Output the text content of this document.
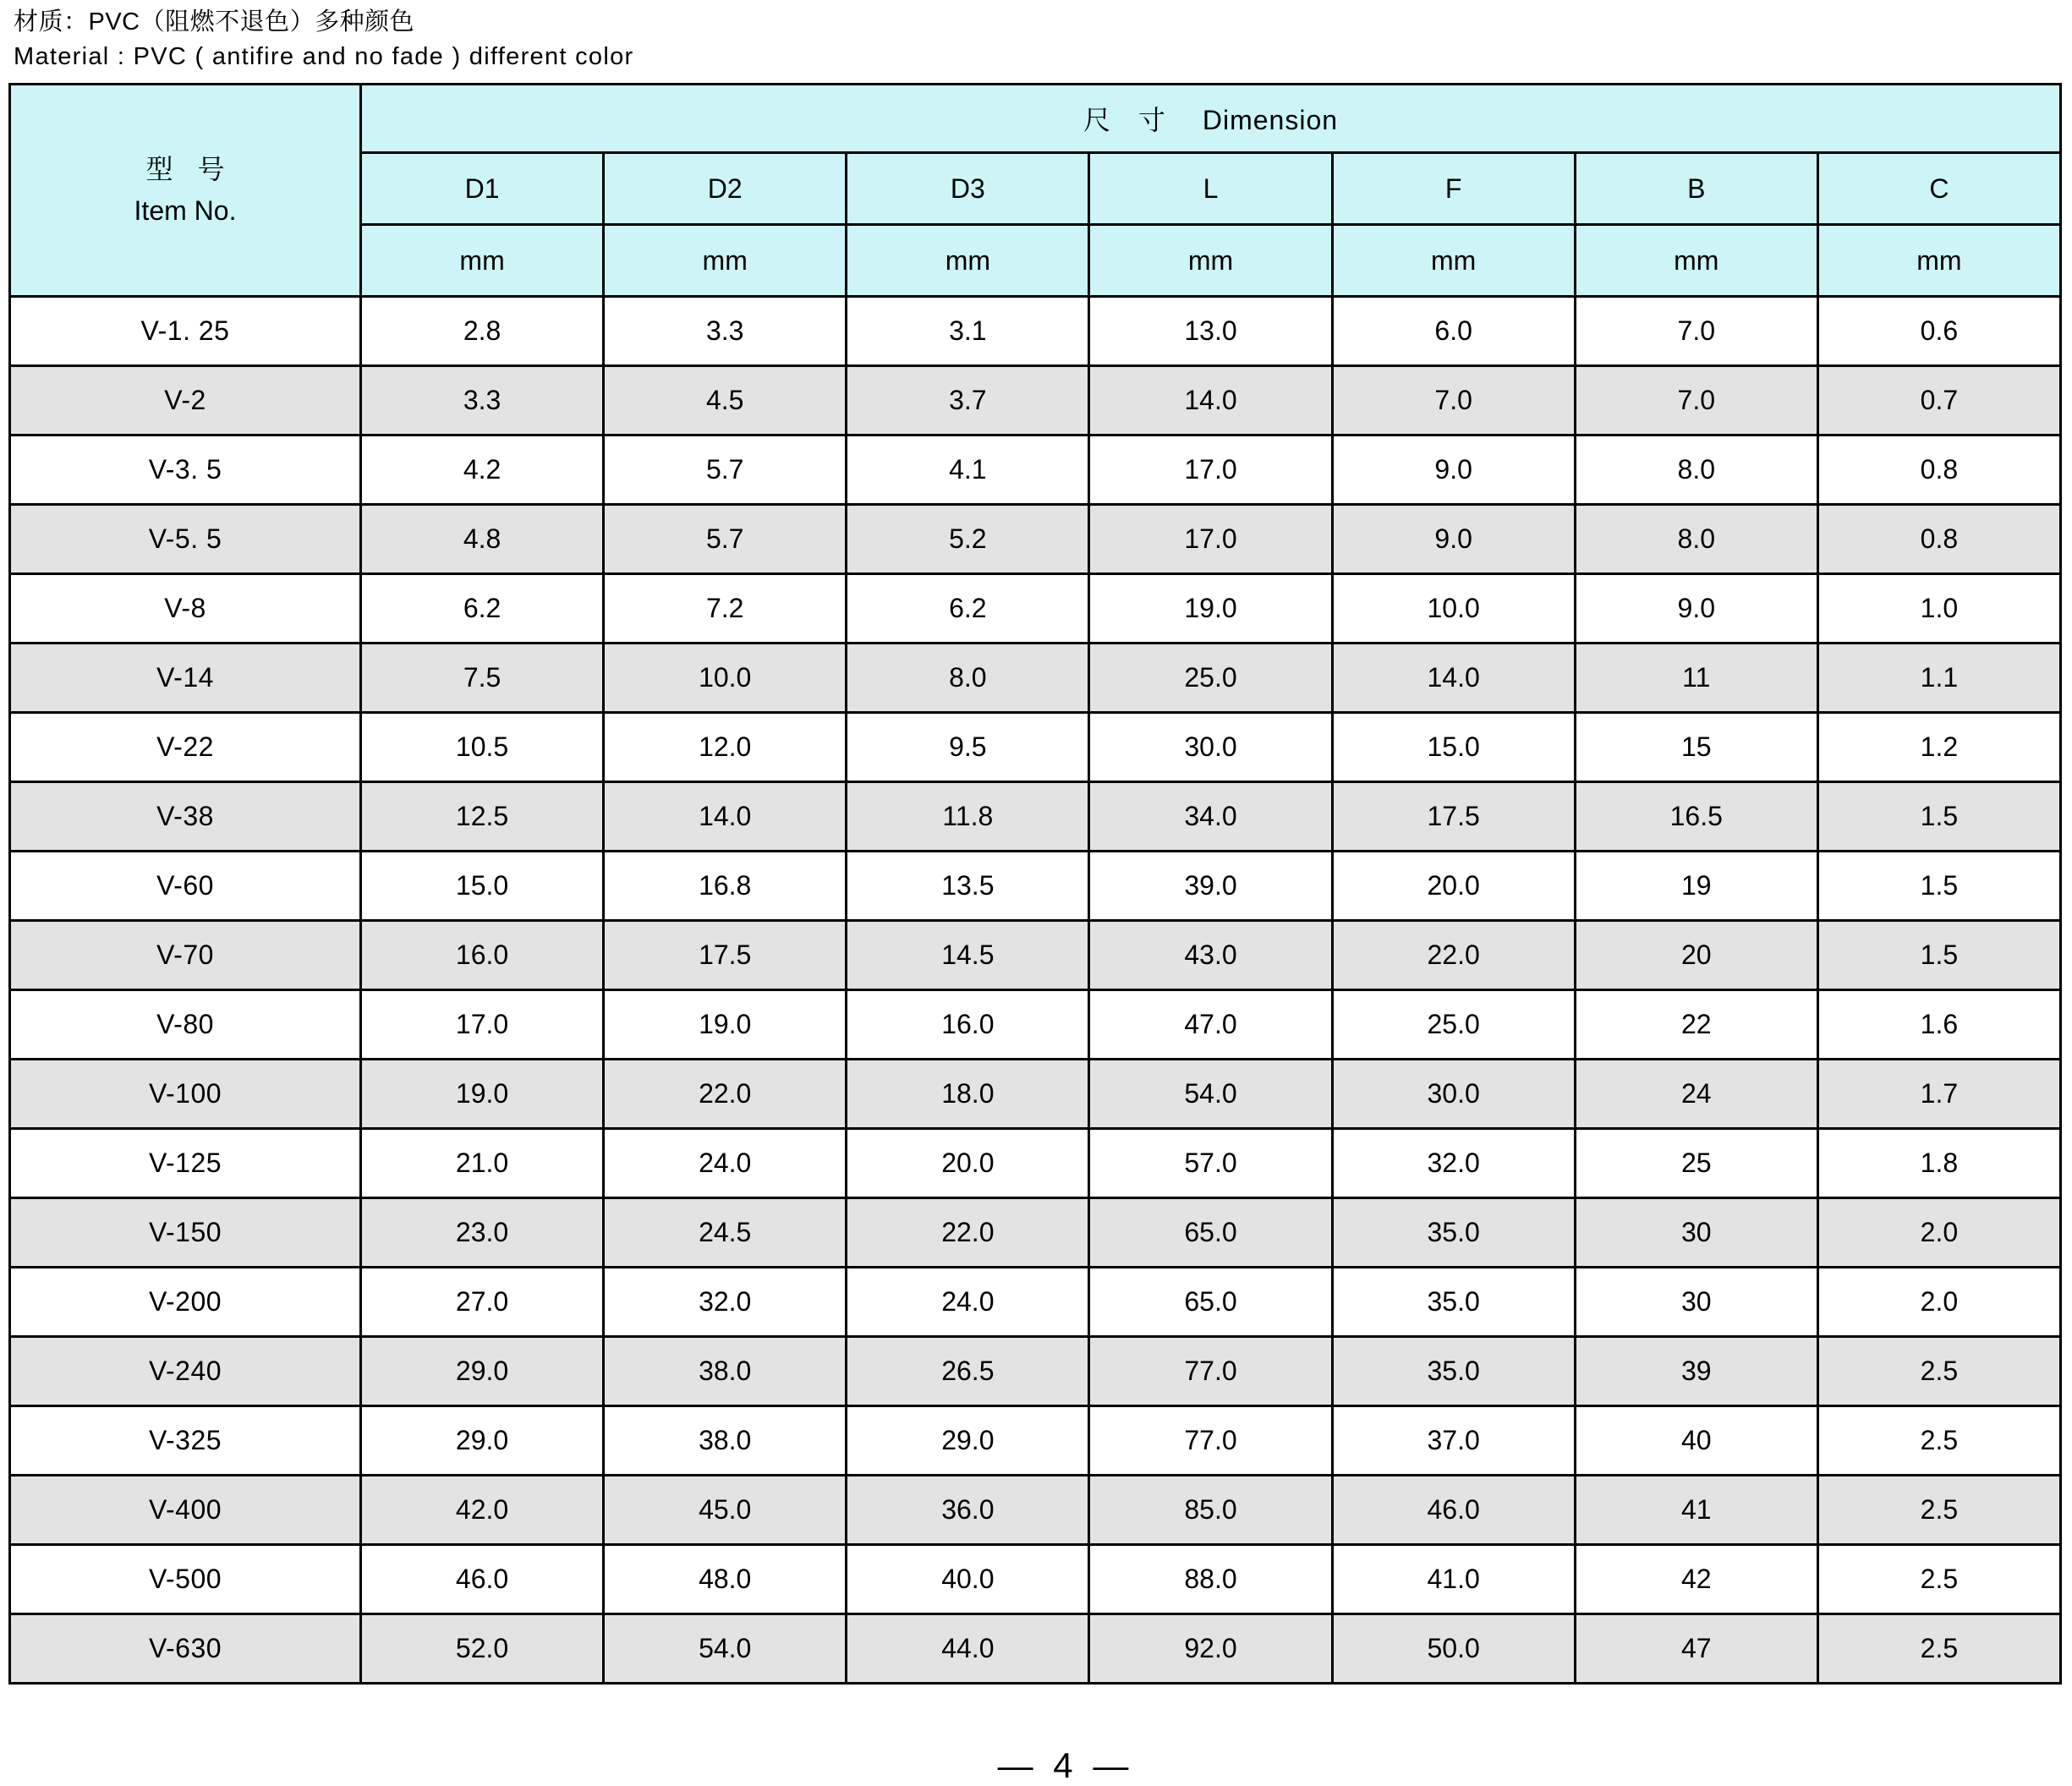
材质：PVC（阻燃不退色）多种颜色
Material : PVC ( antifire and no fade ) different color
型 号
Item No.	尺 寸 Dimension						
	D1	D2	D3	L	F	B	C
	mm	mm	mm	mm	mm	mm	mm
V-1. 25	2.8	3.3	3.1	13.0	6.0	7.0	0.6
V-2	3.3	4.5	3.7	14.0	7.0	7.0	0.7
V-3. 5	4.2	5.7	4.1	17.0	9.0	8.0	0.8
V-5. 5	4.8	5.7	5.2	17.0	9.0	8.0	0.8
V-8	6.2	7.2	6.2	19.0	10.0	9.0	1.0
V-14	7.5	10.0	8.0	25.0	14.0	11	1.1
V-22	10.5	12.0	9.5	30.0	15.0	15	1.2
V-38	12.5	14.0	11.8	34.0	17.5	16.5	1.5
V-60	15.0	16.8	13.5	39.0	20.0	19	1.5
V-70	16.0	17.5	14.5	43.0	22.0	20	1.5
V-80	17.0	19.0	16.0	47.0	25.0	22	1.6
V-100	19.0	22.0	18.0	54.0	30.0	24	1.7
V-125	21.0	24.0	20.0	57.0	32.0	25	1.8
V-150	23.0	24.5	22.0	65.0	35.0	30	2.0
V-200	27.0	32.0	24.0	65.0	35.0	30	2.0
V-240	29.0	38.0	26.5	77.0	35.0	39	2.5
V-325	29.0	38.0	29.0	77.0	37.0	40	2.5
V-400	42.0	45.0	36.0	85.0	46.0	41	2.5
V-500	46.0	48.0	40.0	88.0	41.0	42	2.5
V-630	52.0	54.0	44.0	92.0	50.0	47	2.5
— 4 —
